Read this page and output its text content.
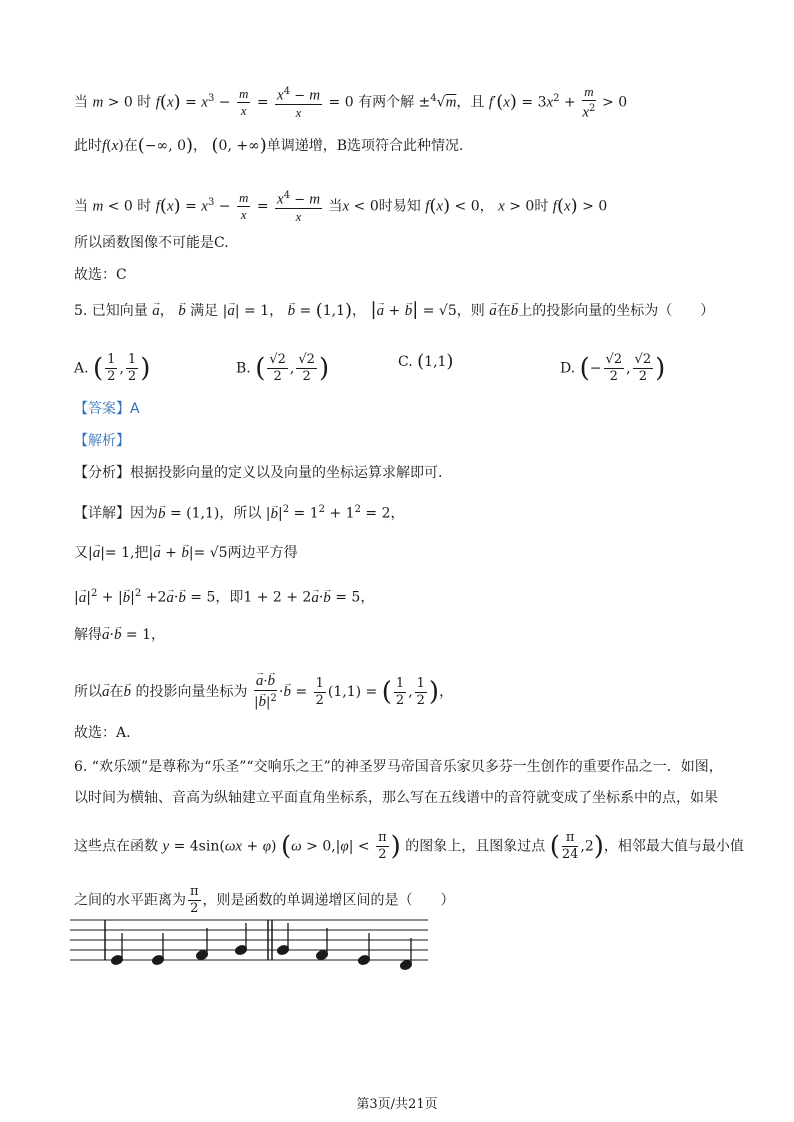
当 m > 0 时 $f(x) = x^3 - \frac{m}{x} = \frac{x^4 - m}{x} = 0$ 有两个解 ±$^4$√m，且 $f'(x) = 3x^2 + \frac{m}{x^2} > 0$
此时f(x)在(−∞, 0)， (0, +∞)单调递增，B选项符合此种情况.
当 m < 0 时 $f(x) = x^3 - \frac{m}{x} = \frac{x^4 - m}{x}$ 当x < 0时易知 f(x) < 0， x > 0时 f(x) > 0
所以函数图像不可能是C.
故选：C
5. 已知向量 → a， → b 满足 |→ a| = 1， → b = (1,1)， |→ a + → b| = √5，则 → a在→ b上的投影向量的坐标为（　　）
A. ( $\frac{1}{2}$ , $\frac{1}{2}$ )	B. ( $\frac{√2}{2}$ , $\frac{√2}{2}$ )	C. (1,1)	D. (− $\frac{√2}{2}$ , $\frac{√2}{2}$ )
【答案】A
【解析】
【分析】根据投影向量的定义以及向量的坐标运算求解即可.
【详解】因为→ b = (1,1)，所以 |→ $b|^2 = 1^2 + 1^2 = 2$，
又|→ a|= 1,把|→ a + → b|= √5两边平方得
|→ $a|^2$ + |→ $b|^2 +2\to a\cdot\to b = 5$，即1 + 2 + 2→ a·→ b = 5，
解得→ a·→ b = 1，
所以→ a在→ b 的投影向量坐标为 → $\frac{a\cdot\to b}{|\to b|^2} \cdot\to b = \frac{1}{2} (1,1)$ = ( $\frac{1}{2}$ , $\frac{1}{2}$ )，
故选：A.
6. “欢乐颂”是尊称为“乐圣”“交响乐之王”的神圣罗马帝国音乐家贝多芬一生创作的重要作品之一．如图，
以时间为横轴、音高为纵轴建立平面直角坐标系，那么写在五线谱中的音符就变成了坐标系中的点，如果
这些点在函数 y = 4sin(ωx + φ) ($\omega > 0,|\varphi| < \frac{\pi}{2}$ ) 的图象上，且图象过点 ( $\frac{\pi}{24} ,2$)，相邻最大值与最小值
之间的水平距离为 $\frac{\pi}{2}$ ，则是函数的单调递增区间的是（　　）
第3页/共21页
